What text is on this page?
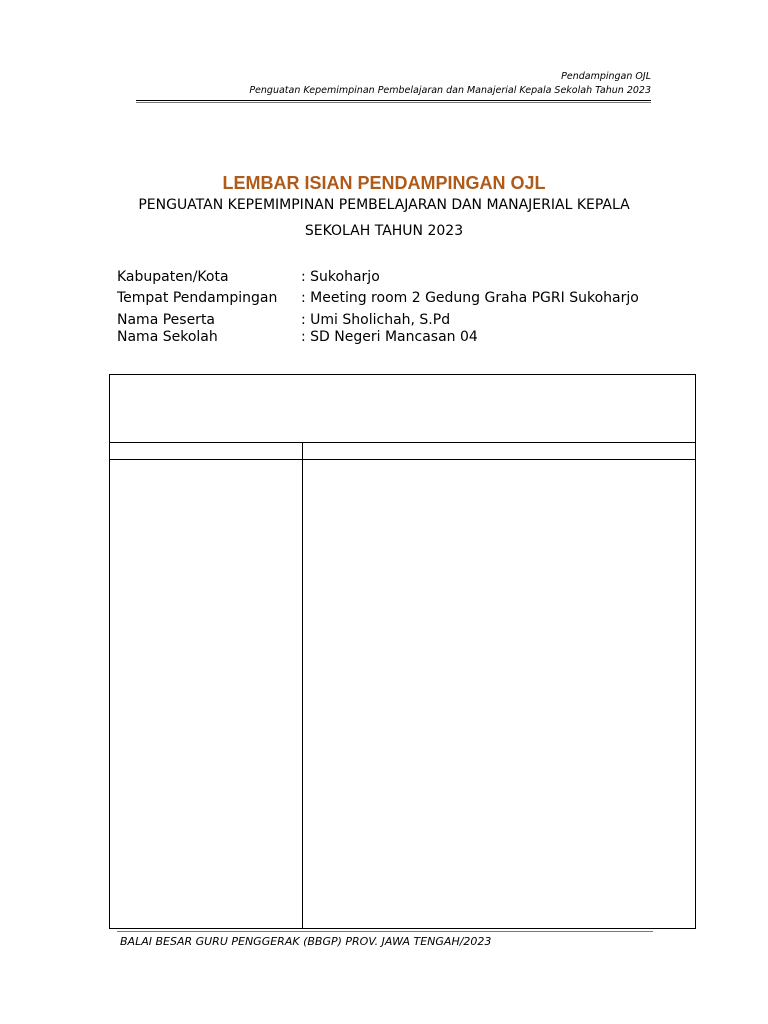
Pendampingan OJL
Penguatan Kepemimpinan Pembelajaran dan Manajerial Kepala Sekolah Tahun 2023
LEMBAR ISIAN PENDAMPINGAN OJL
PENGUATAN KEPEMIMPINAN PEMBELAJARAN DAN MANAJERIAL KEPALA
SEKOLAH TAHUN 2023
Kabupaten/Kota	: Sukoharjo
Tempat Pendampingan : Meeting room 2 Gedung Graha PGRI Sukoharjo
Nama Peserta	: Umi Sholichah, S.Pd
Nama Sekolah	: SD Negeri Mancasan 04
BALAI BESAR GURU PENGGERAK (BBGP) PROV. JAWA TENGAH/2023
